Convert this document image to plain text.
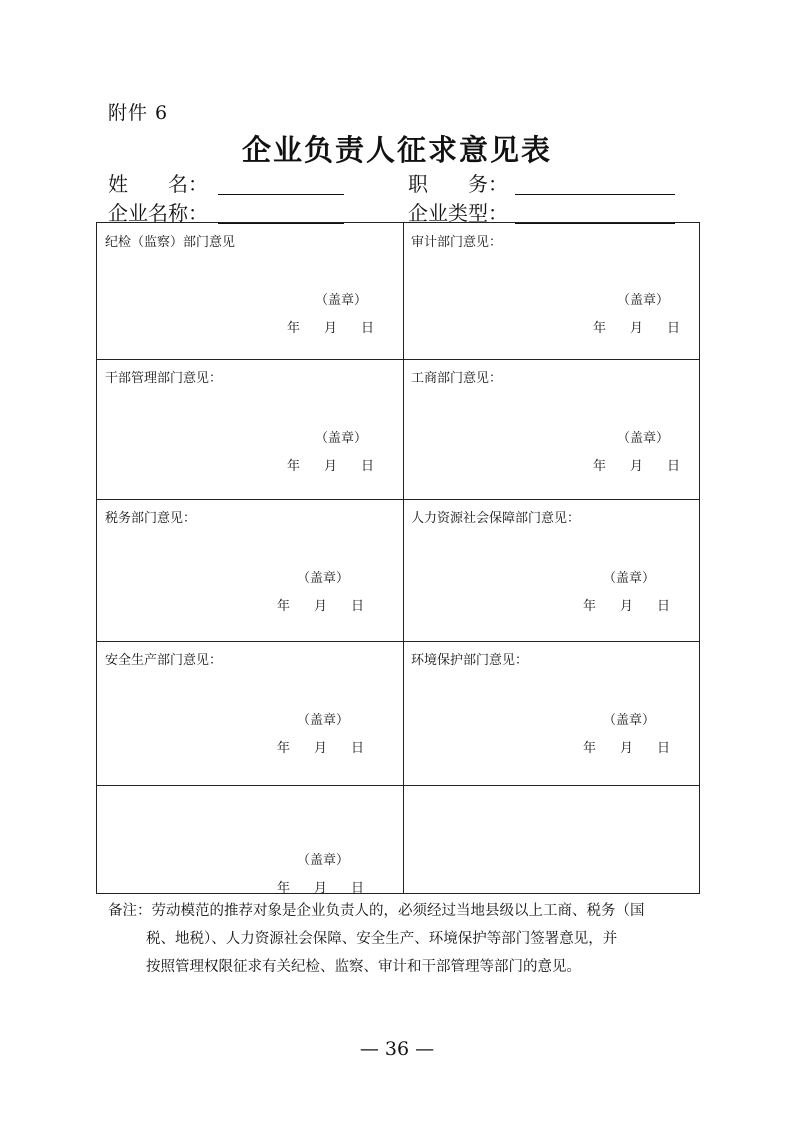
附件 6
企业负责人征求意见表
姓　　名：	职　　务：
企业名称：	企业类型：
纪检（监察）部门意见
（盖章）
年 月 日
审计部门意见：
（盖章）
年 月 日
干部管理部门意见：
（盖章）
年 月 日
工商部门意见：
（盖章）
年 月 日
税务部门意见：
（盖章）
年 月 日
人力资源社会保障部门意见：
（盖章）
年 月 日
安全生产部门意见：
（盖章）
年 月 日
环境保护部门意见：
（盖章）
年 月 日
（盖章）
年 月 日
备注：劳动模范的推荐对象是企业负责人的，必须经过当地县级以上工商、税务（国
税、地税）、人力资源社会保障、安全生产、环境保护等部门签署意见，并
按照管理权限征求有关纪检、监察、审计和干部管理等部门的意见。
— 36 —
